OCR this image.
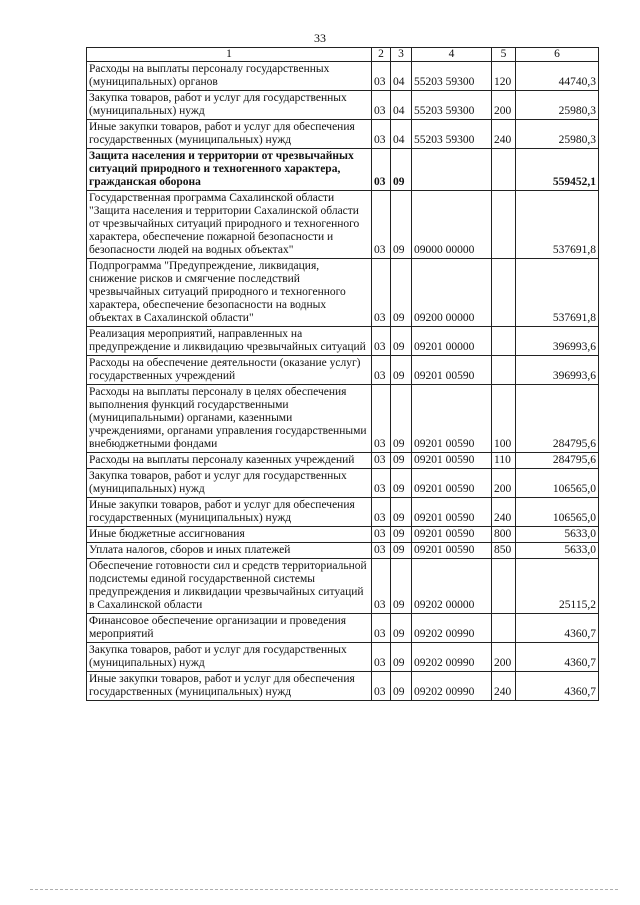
33
1	2	3	4	5	6
Расходы на выплаты персоналу государственных (муниципальных) органов	03	04	55203 59300	120	44740,3
Закупка товаров, работ и услуг для государственных (муниципальных) нужд	03	04	55203 59300	200	25980,3
Иные закупки товаров, работ и услуг для обеспечения государственных (муниципальных) нужд	03	04	55203 59300	240	25980,3
Защита населения и территории от чрезвычайных ситуаций природного и техногенного характера, гражданская оборона	03	09			559452,1
Государственная программа Сахалинской области "Защита населения и территории Сахалинской области от чрезвычайных ситуаций природного и техногенного характера, обеспечение пожарной безопасности и безопасности людей на водных объектах"	03	09	09000 00000		537691,8
Подпрограмма "Предупреждение, ликвидация, снижение рисков и смягчение последствий чрезвычайных ситуаций природного и техногенного характера, обеспечение безопасности на водных объектах в Сахалинской области"	03	09	09200 00000		537691,8
Реализация мероприятий, направленных на предупреждение и ликвидацию чрезвычайных ситуаций	03	09	09201 00000		396993,6
Расходы на обеспечение деятельности (оказание услуг) государственных учреждений	03	09	09201 00590		396993,6
Расходы на выплаты персоналу в целях обеспечения выполнения функций государственными (муниципальными) органами, казенными учреждениями, органами управления государственными внебюджетными фондами	03	09	09201 00590	100	284795,6
Расходы на выплаты персоналу казенных учреждений	03	09	09201 00590	110	284795,6
Закупка товаров, работ и услуг для государственных (муниципальных) нужд	03	09	09201 00590	200	106565,0
Иные закупки товаров, работ и услуг для обеспечения государственных (муниципальных) нужд	03	09	09201 00590	240	106565,0
Иные бюджетные ассигнования	03	09	09201 00590	800	5633,0
Уплата налогов, сборов и иных платежей	03	09	09201 00590	850	5633,0
Обеспечение готовности сил и средств территориальной подсистемы единой государственной системы предупреждения и ликвидации чрезвычайных ситуаций в Сахалинской области	03	09	09202 00000		25115,2
Финансовое обеспечение организации и проведения мероприятий	03	09	09202 00990		4360,7
Закупка товаров, работ и услуг для государственных (муниципальных) нужд	03	09	09202 00990	200	4360,7
Иные закупки товаров, работ и услуг для обеспечения государственных (муниципальных) нужд	03	09	09202 00990	240	4360,7
